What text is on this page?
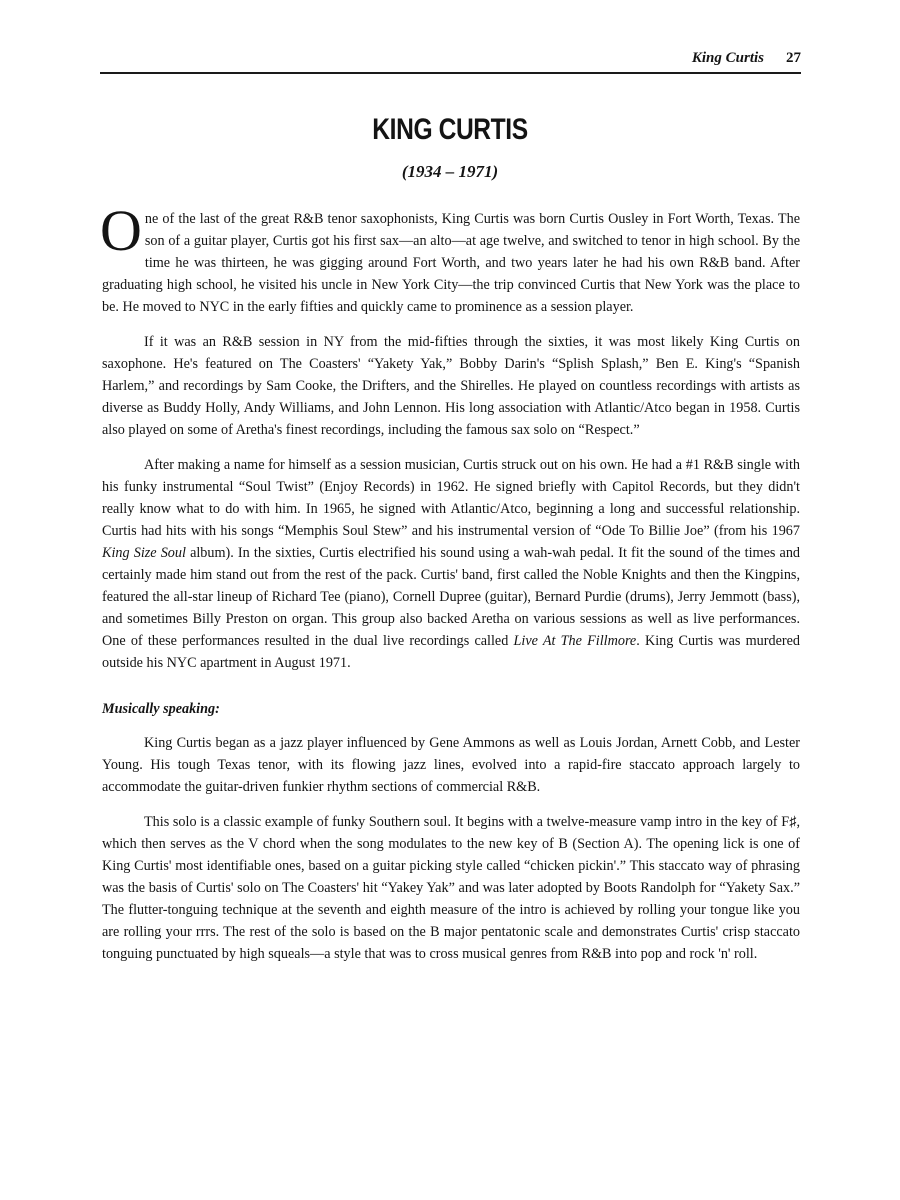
King Curtis 27
KING CURTIS
(1934 – 1971)

One of the last of the great R&B tenor saxophonists, King Curtis was born Curtis Ousley in Fort Worth, Texas. The son of a guitar player, Curtis got his first sax—an alto—at age twelve, and switched to tenor in high school. By the time he was thirteen, he was gigging around Fort Worth, and two years later he had his own R&B band. After graduating high school, he visited his uncle in New York City—the trip convinced Curtis that New York was the place to be. He moved to NYC in the early fifties and quickly came to prominence as a session player.

If it was an R&B session in NY from the mid-fifties through the sixties, it was most likely King Curtis on saxophone. He's featured on The Coasters' “Yakety Yak,” Bobby Darin's “Splish Splash,” Ben E. King's “Spanish Harlem,” and recordings by Sam Cooke, the Drifters, and the Shirelles. He played on countless recordings with artists as diverse as Buddy Holly, Andy Williams, and John Lennon. His long association with Atlantic/Atco began in 1958. Curtis also played on some of Aretha's finest recordings, including the famous sax solo on “Respect.”

After making a name for himself as a session musician, Curtis struck out on his own. He had a #1 R&B single with his funky instrumental “Soul Twist” (Enjoy Records) in 1962. He signed briefly with Capitol Records, but they didn't really know what to do with him. In 1965, he signed with Atlantic/Atco, beginning a long and successful relationship. Curtis had hits with his songs “Memphis Soul Stew” and his instrumental version of “Ode To Billie Joe” (from his 1967 King Size Soul album). In the sixties, Curtis electrified his sound using a wah-wah pedal. It fit the sound of the times and certainly made him stand out from the rest of the pack. Curtis' band, first called the Noble Knights and then the Kingpins, featured the all-star lineup of Richard Tee (piano), Cornell Dupree (guitar), Bernard Purdie (drums), Jerry Jemmott (bass), and sometimes Billy Preston on organ. This group also backed Aretha on various sessions as well as live performances. One of these performances resulted in the dual live recordings called Live At The Fillmore. King Curtis was murdered outside his NYC apartment in August 1971.

Musically speaking:

King Curtis began as a jazz player influenced by Gene Ammons as well as Louis Jordan, Arnett Cobb, and Lester Young. His tough Texas tenor, with its flowing jazz lines, evolved into a rapid-fire staccato approach largely to accommodate the guitar-driven funkier rhythm sections of commercial R&B.

This solo is a classic example of funky Southern soul. It begins with a twelve-measure vamp intro in the key of F♯, which then serves as the V chord when the song modulates to the new key of B (Section A). The opening lick is one of King Curtis' most identifiable ones, based on a guitar picking style called “chicken pickin'.” This staccato way of phrasing was the basis of Curtis' solo on The Coasters' hit “Yakey Yak” and was later adopted by Boots Randolph for “Yakety Sax.” The flutter-tonguing technique at the seventh and eighth measure of the intro is achieved by rolling your tongue like you are rolling your rrrs. The rest of the solo is based on the B major pentatonic scale and demonstrates Curtis' crisp staccato tonguing punctuated by high squeals—a style that was to cross musical genres from R&B into pop and rock 'n' roll.
